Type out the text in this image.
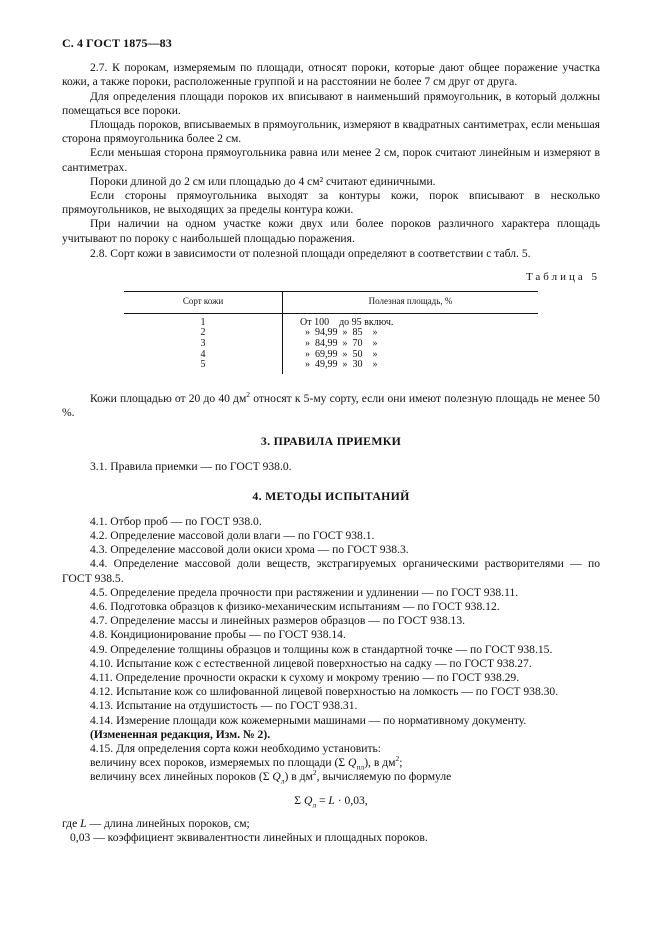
С. 4 ГОСТ 1875—83

2.7. К порокам, измеряемым по площади, относят пороки, которые дают общее поражение участка кожи, а также пороки, расположенные группой и на расстоянии не более 7 см друг от друга.

Для определения площади пороков их вписывают в наименьший прямоугольник, в который должны помещаться все пороки.

Площадь пороков, вписываемых в прямоугольник, измеряют в квадратных сантиметрах, если меньшая сторона прямоугольника более 2 см.

Если меньшая сторона прямоугольника равна или менее 2 см, порок считают линейным и измеряют в сантиметрах.

Пороки длиной до 2 см или площадью до 4 см² считают единичными.

Если стороны прямоугольника выходят за контуры кожи, порок вписывают в несколько прямоугольников, не выходящих за пределы контура кожи.

При наличии на одном участке кожи двух или более пороков различного характера площадь учитывают по пороку с наибольшей площадью поражения.

2.8. Сорт кожи в зависимости от полезной площади определяют в соответствии с табл. 5.

Таблица 5
Сорт кожи	Полезная площадь, %
1	От 100    до 95 включ.
2	»  94,99  »  85    »
3	»  84,99  »  70    »
4	»  69,99  »  50    »
5	»  49,99  »  30    »

Кожи площадью от 20 до 40 $дм^2$ относят к 5-му сорту, если они имеют полезную площадь не менее 50 %.

3. ПРАВИЛА ПРИЕМКИ

3.1. Правила приемки — по ГОСТ 938.0.

4. МЕТОДЫ ИСПЫТАНИЙ

4.1. Отбор проб — по ГОСТ 938.0.

4.2. Определение массовой доли влаги — по ГОСТ 938.1.

4.3. Определение массовой доли окиси хрома — по ГОСТ 938.3.

4.4. Определение массовой доли веществ, экстрагируемых органическими растворителями — по ГОСТ 938.5.

4.5. Определение предела прочности при растяжении и удлинении — по ГОСТ 938.11.

4.6. Подготовка образцов к физико-механическим испытаниям — по ГОСТ 938.12.

4.7. Определение массы и линейных размеров образцов — по ГОСТ 938.13.

4.8. Кондиционирование пробы — по ГОСТ 938.14.

4.9. Определение толщины образцов и толщины кож в стандартной точке — по ГОСТ 938.15.

4.10. Испытание кож с естественной лицевой поверхностью на садку — по ГОСТ 938.27.

4.11. Определение прочности окраски к сухому и мокрому трению — по ГОСТ 938.29.

4.12. Испытание кож со шлифованной лицевой поверхностью на ломкость — по ГОСТ 938.30.

4.13. Испытание на отдушистость — по ГОСТ 938.31.

4.14. Измерение площади кож кожемерными машинами — по нормативному документу.

(Измененная редакция, Изм. № 2).

4.15. Для определения сорта кожи необходимо установить:

величину всех пороков, измеряемых по площади (Σ $Q_{пл}$), в $дм^2$;

величину всех линейных пороков (Σ $Q_л$) в $дм^2$, вычисляемую по формуле

Σ $Q_л = L \cdot 0,03$,

где L — длина линейных пороков, см;

0,03 — коэффициент эквивалентности линейных и площадных пороков.
